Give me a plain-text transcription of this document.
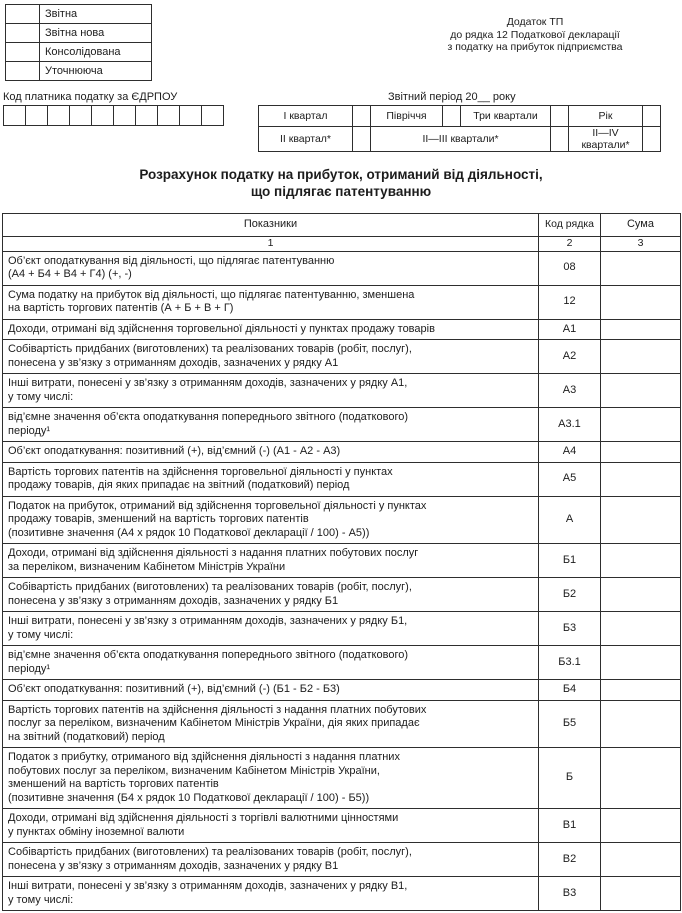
	Звітна
	Звітна нова
	Консолідована
	Уточнююча
Додаток ТП
до рядка 12 Податкової декларації
з податку на прибуток підприємства
Код платника податку за ЄДРПОУ	Звітний період 20__ року
І квартал		Півріччя		Три квартали		Рік	
ІІ квартал*		ІІ—ІІІ квартали*				ІІ—IV квартали*	
Розрахунок податку на прибуток, отриманий від діяльності,
що підлягає патентуванню
Показники	Код рядка	Сума
1	2	3
Об’єкт оподаткування від діяльності, що підлягає патентуванню
(А4 + Б4 + В4 + Г4) (+, -)	08	
Сума податку на прибуток від діяльності, що підлягає патентуванню, зменшена
на вартість торгових патентів (А + Б + В + Г)	12	
Доходи, отримані від здійснення торговельної діяльності у пунктах продажу товарів	А1	
Собівартість придбаних (виготовлених) та реалізованих товарів (робіт, послуг),
понесена у зв’язку з отриманням доходів, зазначених у рядку А1	А2	
Інші витрати, понесені у зв’язку з отриманням доходів, зазначених у рядку А1,
у тому числі:	А3	
від’ємне значення об’єкта оподаткування попереднього звітного (податкового)
періоду¹	А3.1	
Об’єкт оподаткування: позитивний (+), від’ємний (-) (А1 - А2 - А3)	А4	
Вартість торгових патентів на здійснення торговельної діяльності у пунктах
продажу товарів, дія яких припадає на звітний (податковий) період	А5	
Податок на прибуток, отриманий від здійснення торговельної діяльності у пунктах
продажу товарів, зменшений на вартість торгових патентів
(позитивне значення (А4 х рядок 10 Податкової декларації / 100) - А5))	А	
Доходи, отримані від здійснення діяльності з надання платних побутових послуг
за переліком, визначеним Кабінетом Міністрів України	Б1	
Собівартість придбаних (виготовлених) та реалізованих товарів (робіт, послуг),
понесена у зв’язку з отриманням доходів, зазначених у рядку Б1	Б2	
Інші витрати, понесені у зв’язку з отриманням доходів, зазначених у рядку Б1,
у тому числі:	Б3	
від’ємне значення об’єкта оподаткування попереднього звітного (податкового)
періоду¹	Б3.1	
Об’єкт оподаткування: позитивний (+), від’ємний (-) (Б1 - Б2 - Б3)	Б4	
Вартість торгових патентів на здійснення діяльності з надання платних побутових
послуг за переліком, визначеним Кабінетом Міністрів України, дія яких припадає
на звітний (податковий) період	Б5	
Податок з прибутку, отриманого від здійснення діяльності з надання платних
побутових послуг за переліком, визначеним Кабінетом Міністрів України,
зменшений на вартість торгових патентів
(позитивне значення (Б4 х рядок 10 Податкової декларації / 100) - Б5))	Б	
Доходи, отримані від здійснення діяльності з торгівлі валютними цінностями
у пунктах обміну іноземної валюти	В1	
Собівартість придбаних (виготовлених) та реалізованих товарів (робіт, послуг),
понесена у зв’язку з отриманням доходів, зазначених у рядку В1	В2	
Інші витрати, понесені у зв’язку з отриманням доходів, зазначених у рядку В1,
у тому числі:	В3	
